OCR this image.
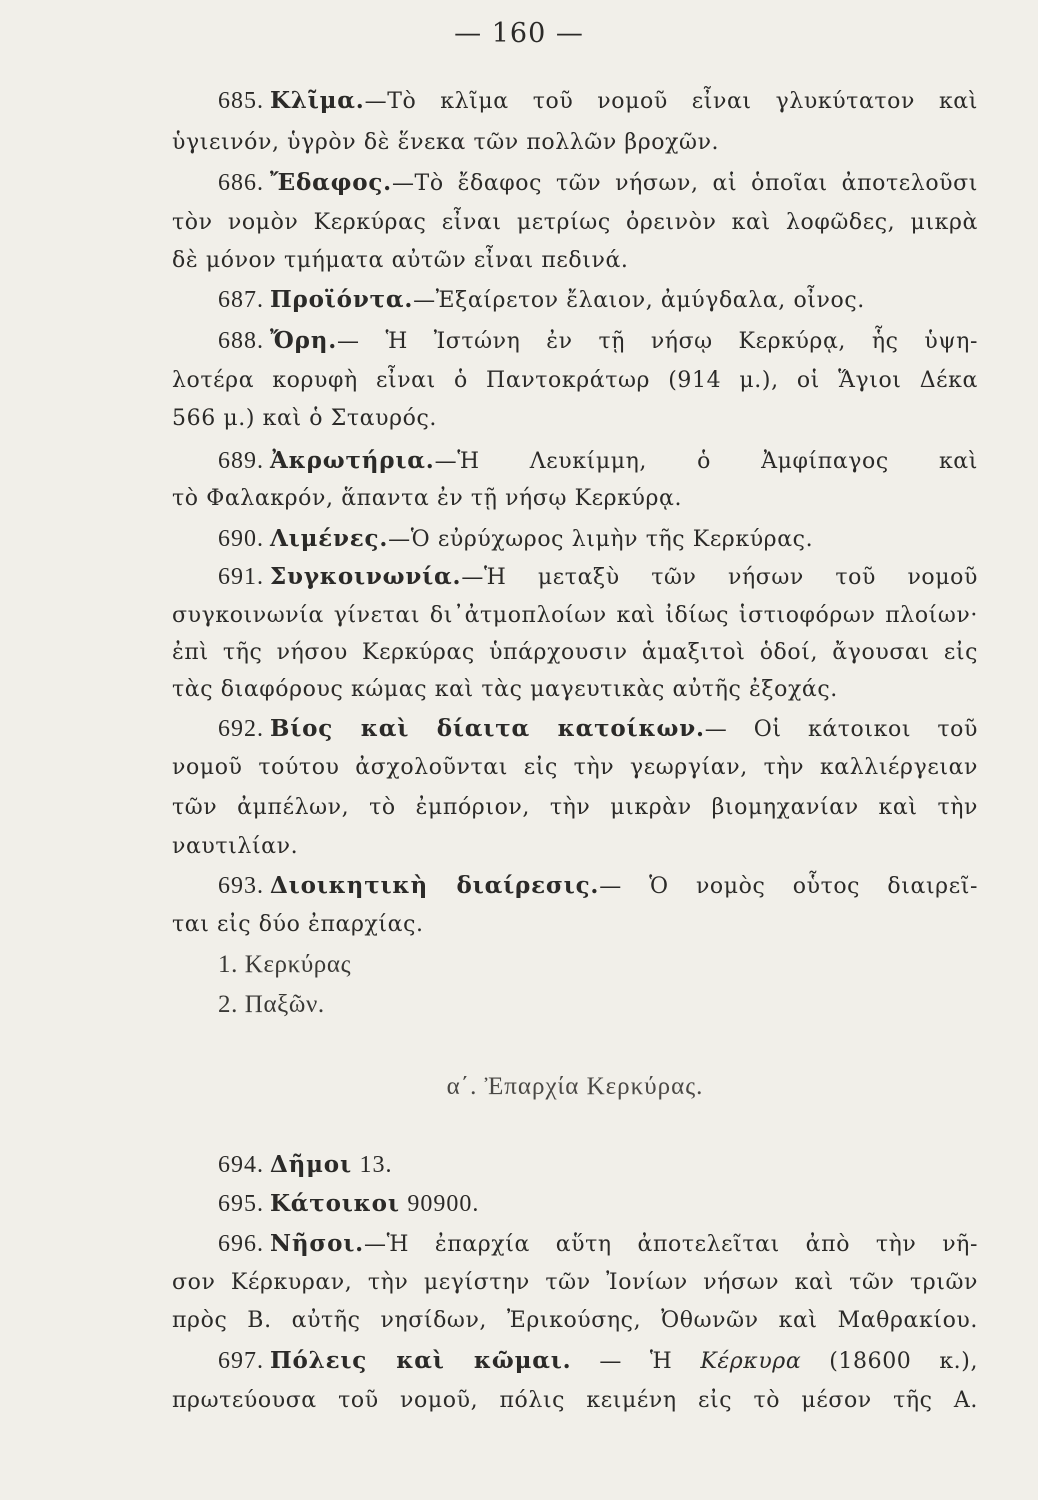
— 160 —
685. Κλῖμα.—Τὸ κλῖμα τοῦ νομοῦ εἶναι γλυκύτατον καὶ
ὑγιεινόν, ὑγρὸν δὲ ἕνεκα τῶν πολλῶν βροχῶν.
686. Ἔδαφος.—Τὸ ἔδαφος τῶν νήσων, αἱ ὁποῖαι ἀποτελοῦσι
τὸν νομὸν Κερκύρας εἶναι μετρίως ὀρεινὸν καὶ λοφῶδες, μικρὰ
δὲ μόνον τμήματα αὐτῶν εἶναι πεδινά.
687. Προϊόντα.—Ἐξαίρετον ἔλαιον, ἀμύγδαλα, οἶνος.
688. Ὄρη.— Ἡ Ἰστώνη ἐν τῇ νήσῳ Κερκύρᾳ, ἧς ὑψη-
λοτέρα κορυφὴ εἶναι ὁ Παντοκράτωρ (914 μ.), οἱ Ἅγιοι Δέκα
566 μ.) καὶ ὁ Σταυρός.
689. Ἀκρωτήρια.—Ἡ Λευκίμμη, ὁ Ἀμφίπαγος καὶ
τὸ Φαλακρόν, ἅπαντα ἐν τῇ νήσῳ Κερκύρᾳ.
690. Λιμένες.—Ὁ εὐρύχωρος λιμὴν τῆς Κερκύρας.
691. Συγκοινωνία.—Ἡ μεταξὺ τῶν νήσων τοῦ νομοῦ
συγκοινωνία γίνεται δι᾽ἀτμοπλοίων καὶ ἰδίως ἱστιοφόρων πλοίων·
ἐπὶ τῆς νήσου Κερκύρας ὑπάρχουσιν ἁμαξιτοὶ ὁδοί, ἄγουσαι εἰς
τὰς διαφόρους κώμας καὶ τὰς μαγευτικὰς αὐτῆς ἐξοχάς.
692. Βίος καὶ δίαιτα κατοίκων.— Οἱ κάτοικοι τοῦ
νομοῦ τούτου ἀσχολοῦνται εἰς τὴν γεωργίαν, τὴν καλλιέργειαν
τῶν ἀμπέλων, τὸ ἐμπόριον, τὴν μικρὰν βιομηχανίαν καὶ τὴν
ναυτιλίαν.
693. Διοικητικὴ διαίρεσις.— Ὁ νομὸς οὗτος διαιρεῖ-
ται εἰς δύο ἐπαρχίας.
1. Κερκύρας
2. Παξῶν.
α΄. Ἐπαρχία Κερκύρας.
694. Δῆμοι 13.
695. Κάτοικοι 90900.
696. Νῆσοι.—Ἡ ἐπαρχία αὕτη ἀποτελεῖται ἀπὸ τὴν νῆ-
σον Κέρκυραν, τὴν μεγίστην τῶν Ἰονίων νήσων καὶ τῶν τριῶν
πρὸς Β. αὐτῆς νησίδων, Ἐρικούσης, Ὀθωνῶν καὶ Μαθρακίου.
697. Πόλεις καὶ κῶμαι. — Ἡ Κέρκυρα (18600 κ.),
πρωτεύουσα τοῦ νομοῦ, πόλις κειμένη εἰς τὸ μέσον τῆς Α.
